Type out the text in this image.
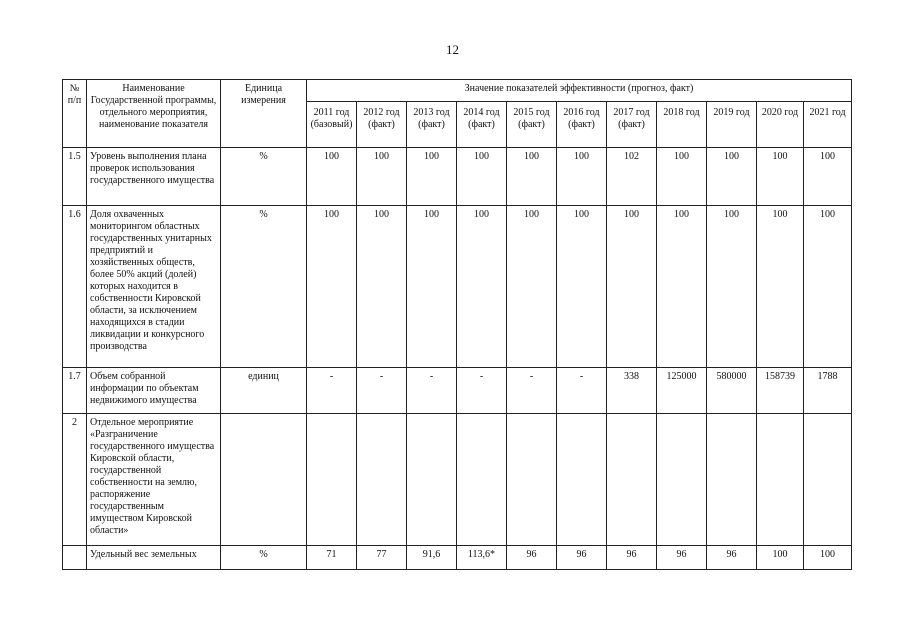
12
№ п/п	Наименование Государственной программы, отдельного мероприятия, наименование показателя	Единица измерения	Значение показателей эффективности (прогноз, факт)										
			2011 год (базовый)	2012 год (факт)	2013 год (факт)	2014 год (факт)	2015 год (факт)	2016 год (факт)	2017 год (факт)	2018 год	2019 год	2020 год	2021 год
1.5	Уровень выполнения плана проверок использования государственного имущества	%	100	100	100	100	100	100	102	100	100	100	100
1.6	Доля охваченных мониторингом областных государственных унитарных предприятий и хозяйственных обществ, более 50% акций (долей) которых находится в собственности Кировской области, за исключением находящихся в стадии ликвидации и конкурсного производства	%	100	100	100	100	100	100	100	100	100	100	100
1.7	Объем собранной информации по объектам недвижимого имущества	единиц	-	-	-	-	-	-	338	125000	580000	158739	1788
2	Отдельное мероприятие «Разграничение государственного имущества Кировской области, государственной собственности на землю, распоряжение государственным имуществом Кировской области»												
	Удельный вес земельных	%	71	77	91,6	113,6*	96	96	96	96	96	100	100
